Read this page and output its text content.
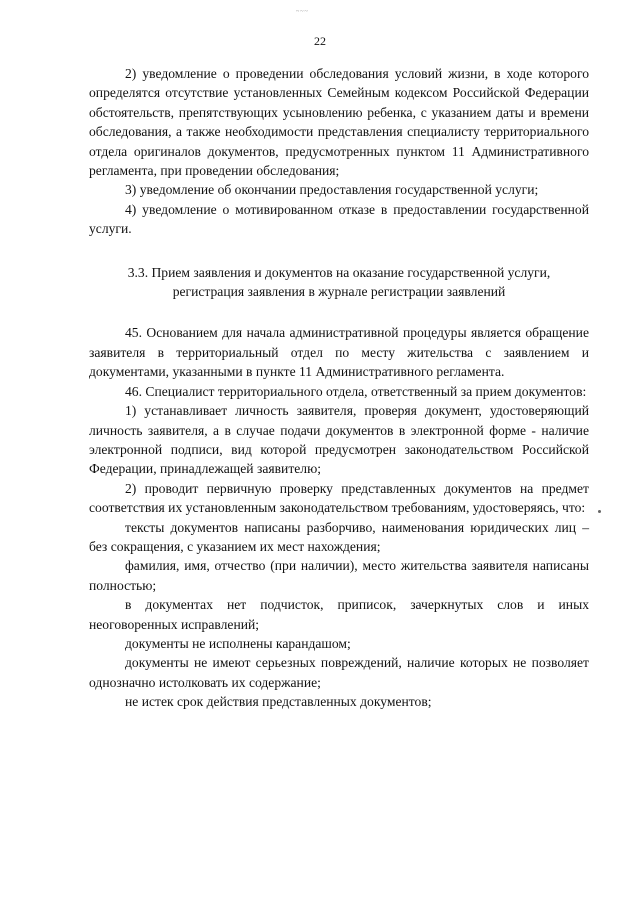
~~~
22

2) уведомление о проведении обследования условий жизни, в ходе которого определятся отсутствие установленных Семейным кодексом Российской Федерации обстоятельств, препятствующих усыновлению ребенка, с указанием даты и времени обследования, а также необходимости представления специалисту территориального отдела оригиналов документов, предусмотренных пунктом 11 Административного регламента, при проведении обследования;

3) уведомление об окончании предоставления государственной услуги;

4) уведомление о мотивированном отказе в предоставлении государственной услуги.

3.3. Прием заявления и документов на оказание государственной услуги,
регистрация заявления в журнале регистрации заявлений

45. Основанием для начала административной процедуры является обращение заявителя в территориальный отдел по месту жительства с заявлением и документами, указанными в пункте 11 Административного регламента.

46. Специалист территориального отдела, ответственный за прием документов:

1) устанавливает личность заявителя, проверяя документ, удостоверяющий личность заявителя, а в случае подачи документов в электронной форме - наличие электронной подписи, вид которой предусмотрен законодательством Российской Федерации, принадлежащей заявителю;

2) проводит первичную проверку представленных документов на предмет соответствия их установленным законодательством требованиям, удостоверяясь, что:

тексты документов написаны разборчиво, наименования юридических лиц – без сокращения, с указанием их мест нахождения;

фамилия, имя, отчество (при наличии), место жительства заявителя написаны полностью;

в документах нет подчисток, приписок, зачеркнутых слов и иных неоговоренных исправлений;

документы не исполнены карандашом;

документы не имеют серьезных повреждений, наличие которых не позволяет однозначно истолковать их содержание;

не истек срок действия представленных документов;
